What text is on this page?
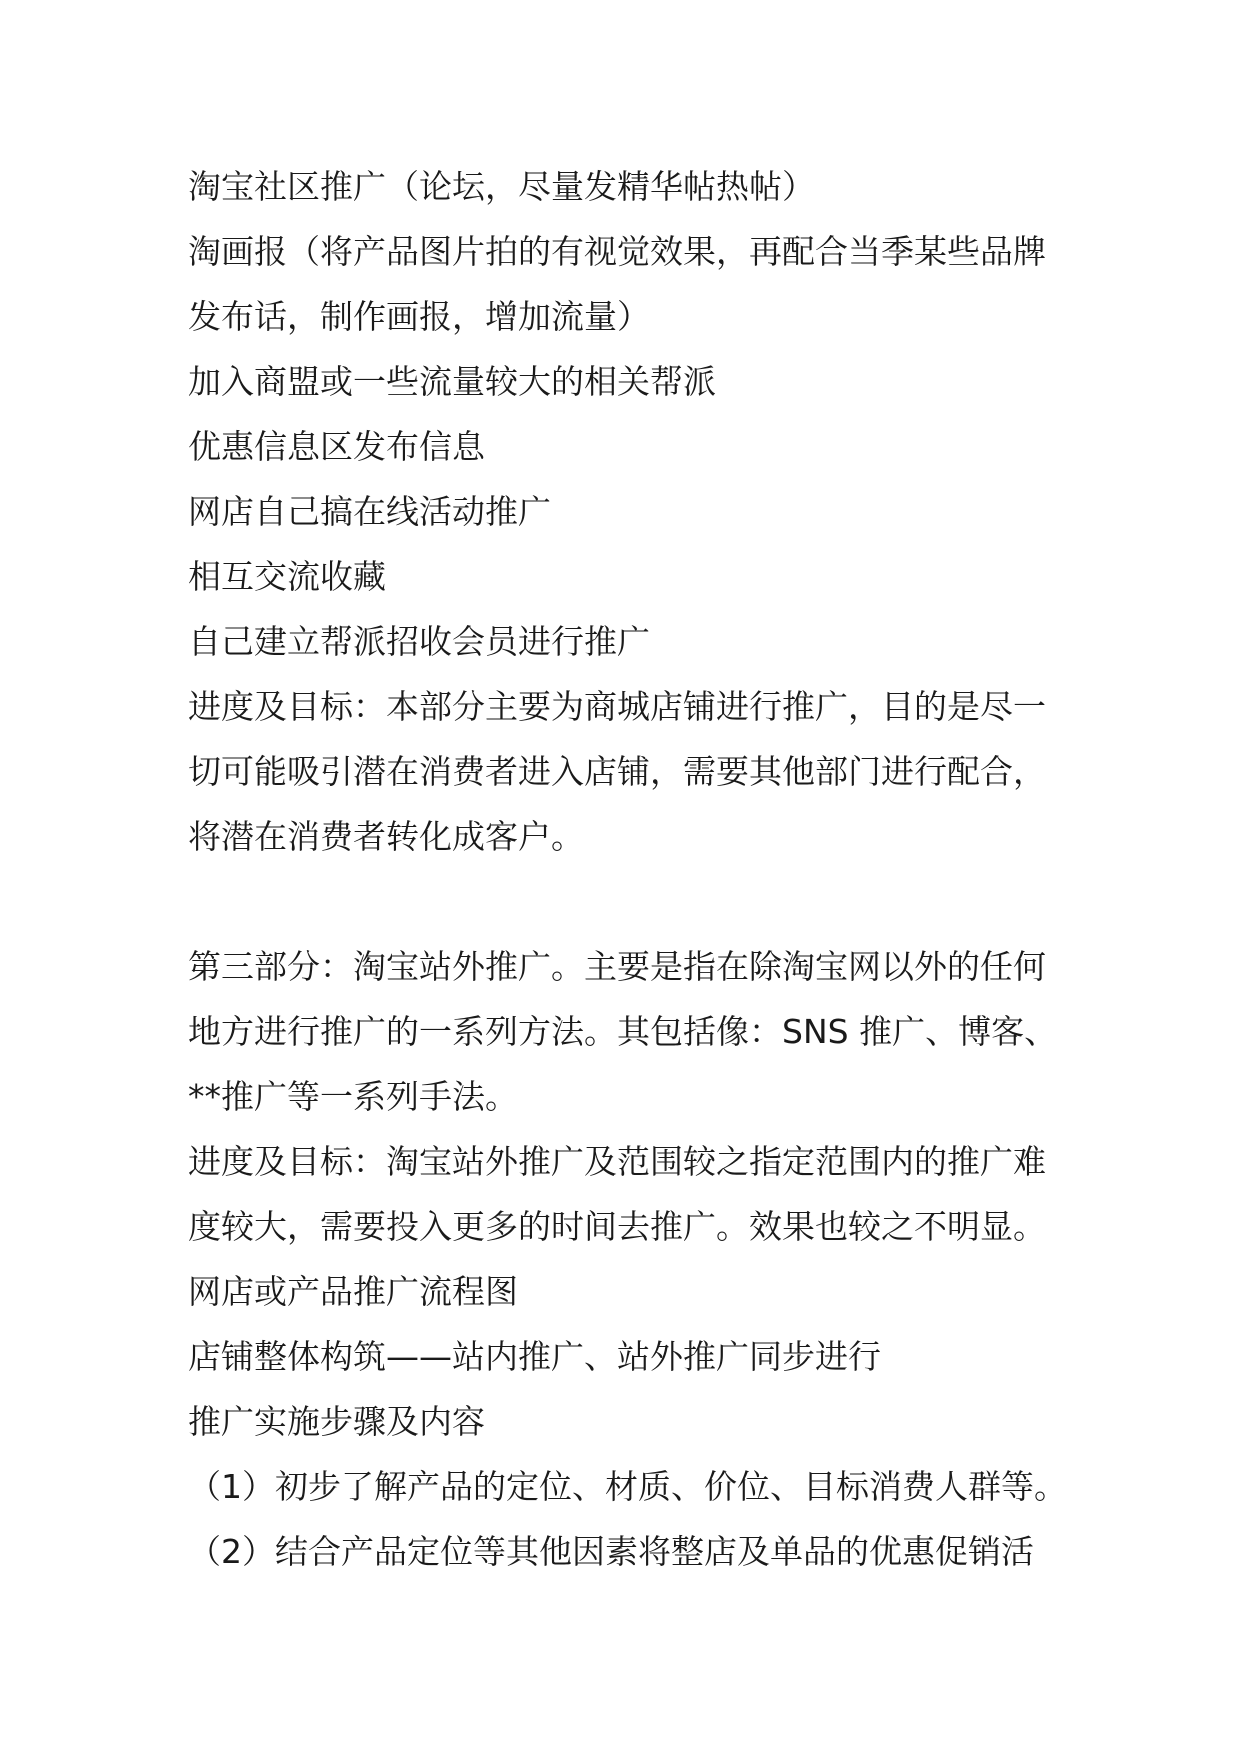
淘宝社区推广（论坛，尽量发精华帖热帖）

淘画报（将产品图片拍的有视觉效果，再配合当季某些品牌发布话，制作画报，增加流量）

加入商盟或一些流量较大的相关帮派

优惠信息区发布信息

网店自己搞在线活动推广

相互交流收藏

自己建立帮派招收会员进行推广

进度及目标：本部分主要为商城店铺进行推广，目的是尽一切可能吸引潜在消费者进入店铺，需要其他部门进行配合，将潜在消费者转化成客户。

第三部分：淘宝站外推广。主要是指在除淘宝网以外的任何地方进行推广的一系列方法。其包括像：SNS 推广、博客、**推广等一系列手法。

进度及目标：淘宝站外推广及范围较之指定范围内的推广难度较大，需要投入更多的时间去推广。效果也较之不明显。

网店或产品推广流程图

店铺整体构筑——站内推广、站外推广同步进行

推广实施步骤及内容

（1）初步了解产品的定位、材质、价位、目标消费人群等。

（2）结合产品定位等其他因素将整店及单品的优惠促销活
